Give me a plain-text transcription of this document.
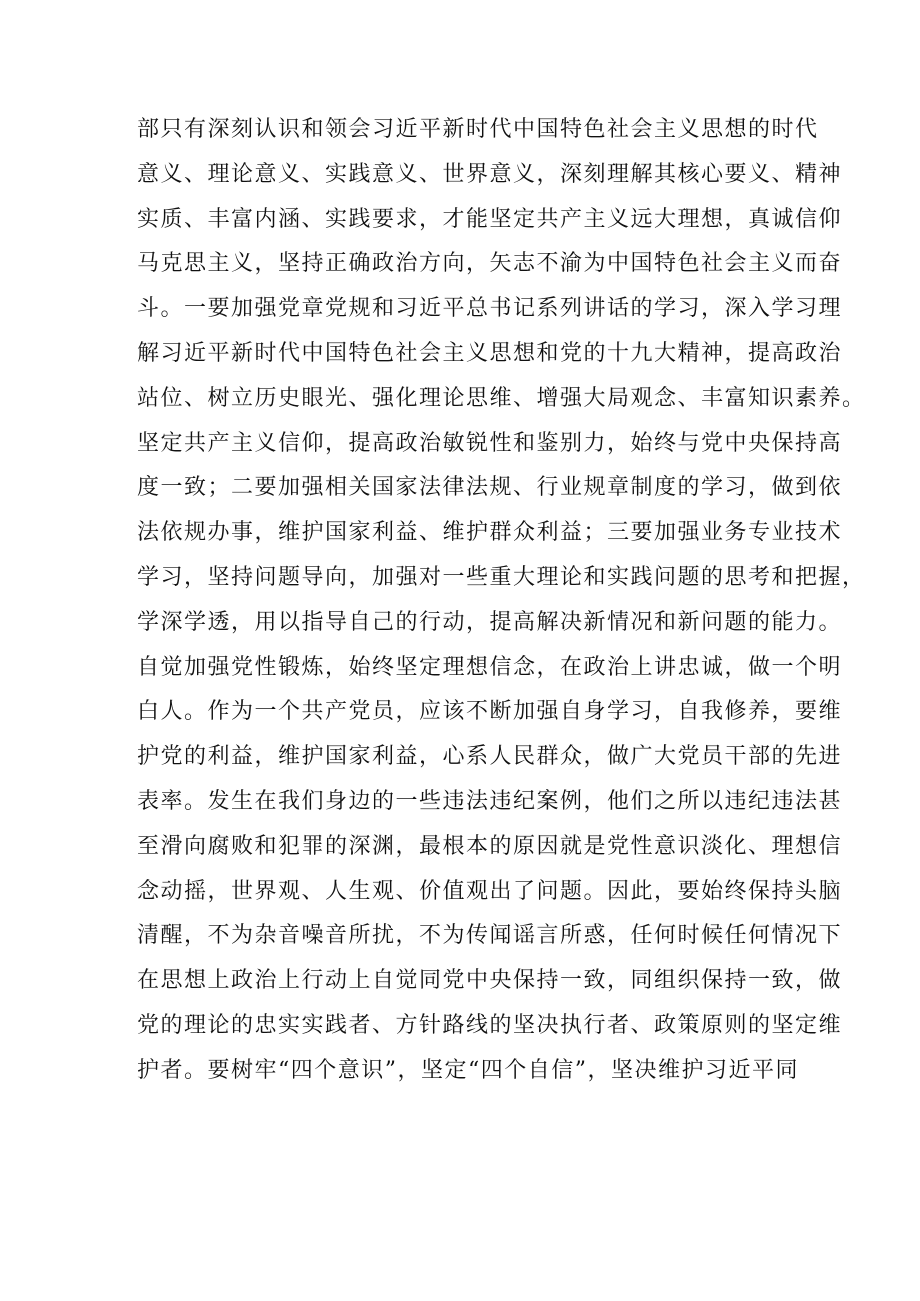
部只有深刻认识和领会习近平新时代中国特色社会主义思想的时代
意义、理论意义、实践意义、世界意义，深刻理解其核心要义、精神
实质、丰富内涵、实践要求，才能坚定共产主义远大理想，真诚信仰
马克思主义，坚持正确政治方向，矢志不渝为中国特色社会主义而奋
斗。一要加强党章党规和习近平总书记系列讲话的学习，深入学习理
解习近平新时代中国特色社会主义思想和党的十九大精神，提高政治
站位、树立历史眼光、强化理论思维、增强大局观念、丰富知识素养。
坚定共产主义信仰，提高政治敏锐性和鉴别力，始终与党中央保持高
度一致；二要加强相关国家法律法规、行业规章制度的学习，做到依
法依规办事，维护国家利益、维护群众利益；三要加强业务专业技术
学习，坚持问题导向，加强对一些重大理论和实践问题的思考和把握，
学深学透，用以指导自己的行动，提高解决新情况和新问题的能力。
自觉加强党性锻炼，始终坚定理想信念，在政治上讲忠诚，做一个明
白人。作为一个共产党员，应该不断加强自身学习，自我修养，要维
护党的利益，维护国家利益，心系人民群众，做广大党员干部的先进
表率。发生在我们身边的一些违法违纪案例，他们之所以违纪违法甚
至滑向腐败和犯罪的深渊，最根本的原因就是党性意识淡化、理想信
念动摇，世界观、人生观、价值观出了问题。因此，要始终保持头脑
清醒，不为杂音噪音所扰，不为传闻谣言所惑，任何时候任何情况下
在思想上政治上行动上自觉同党中央保持一致，同组织保持一致，做
党的理论的忠实实践者、方针路线的坚决执行者、政策原则的坚定维
护者。要树牢“四个意识”，坚定“四个自信”，坚决维护习近平同
